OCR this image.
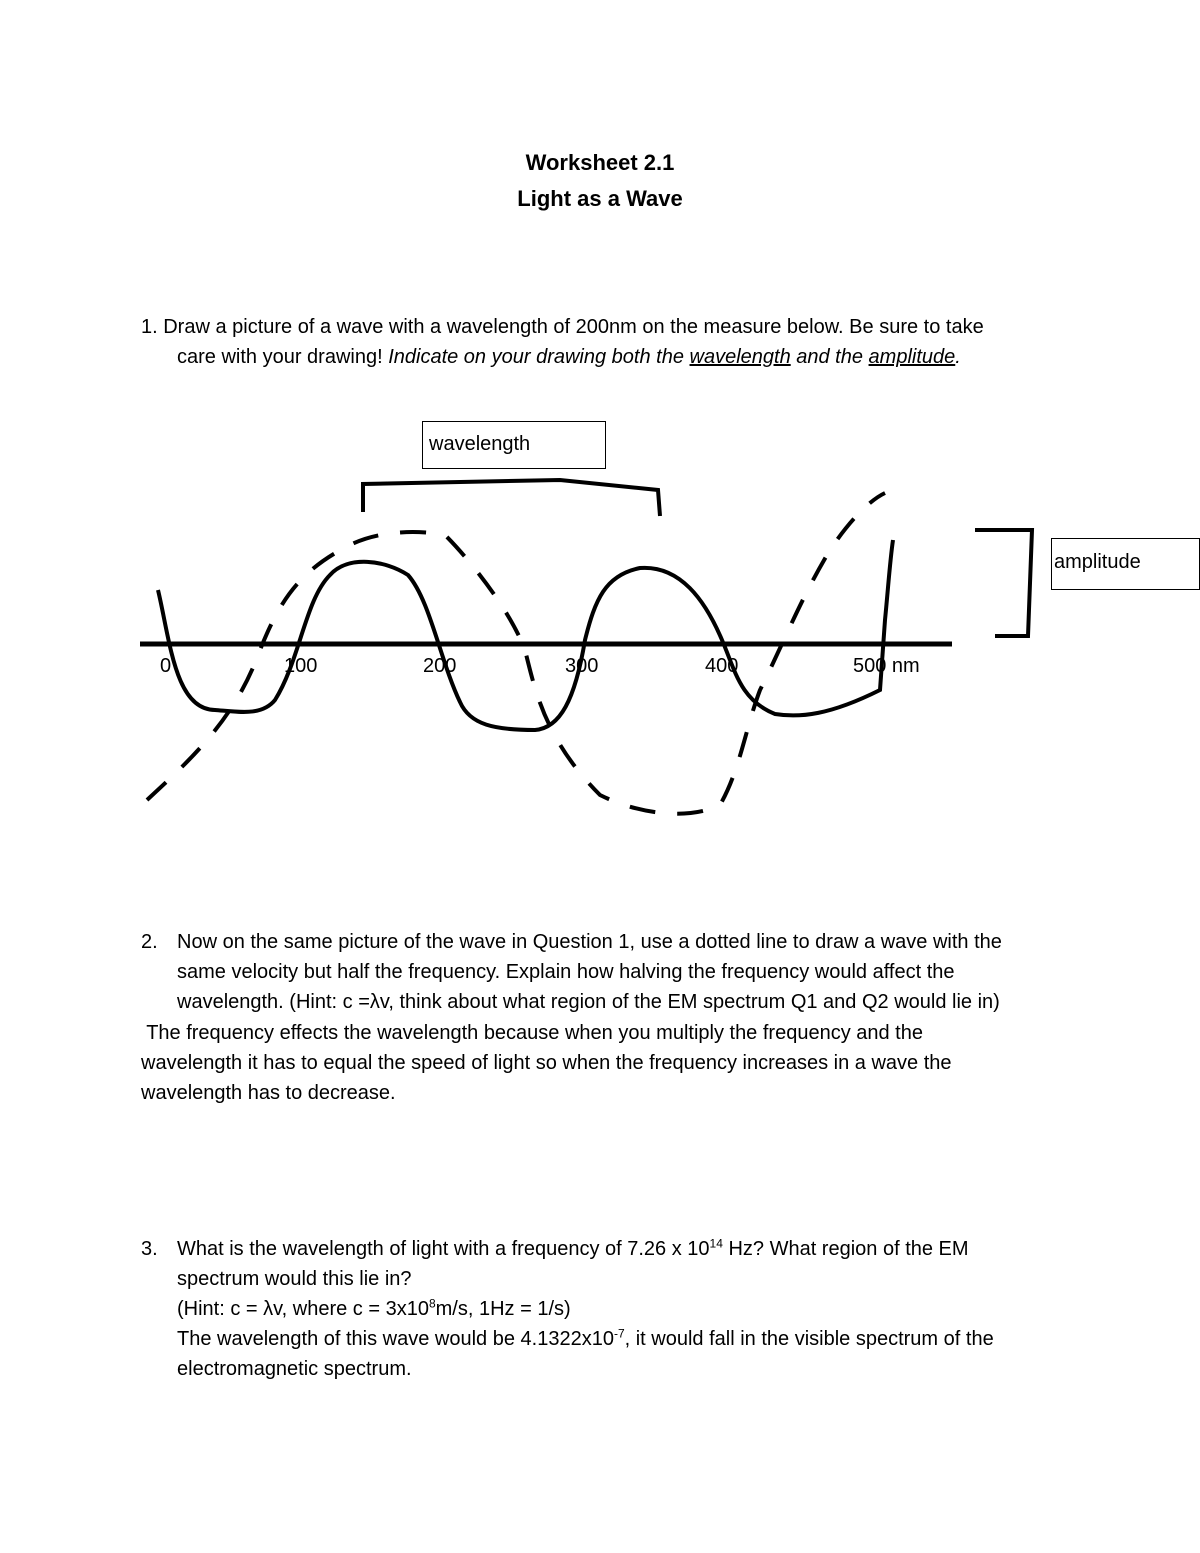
Worksheet 2.1
Light as a Wave
1. Draw a picture of a wave with a wavelength of 200nm on the measure below. Be sure to take
care with your drawing! Indicate on your drawing both the wavelength and the amplitude.
0	100	200	300	400	500 nm
wavelength
amplitude
2. Now on the same picture of the wave in Question 1, use a dotted line to draw a wave with the
same velocity but half the frequency. Explain how halving the frequency would affect the
wavelength. (Hint: c =λv, think about what region of the EM spectrum Q1 and Q2 would lie in)
The frequency effects the wavelength because when you multiply the frequency and the
wavelength it has to equal the speed of light so when the frequency increases in a wave the
wavelength has to decrease.
3. What is the wavelength of light with a frequency of 7.26 x $10^{14}$ Hz? What region of the EM
spectrum would this lie in?
(Hint: c = λv, where $c = 3x10^8m/s$, 1Hz = 1/s)
The wavelength of this wave would be $4.1322x10^{-7}$, it would fall in the visible spectrum of the
electromagnetic spectrum.
